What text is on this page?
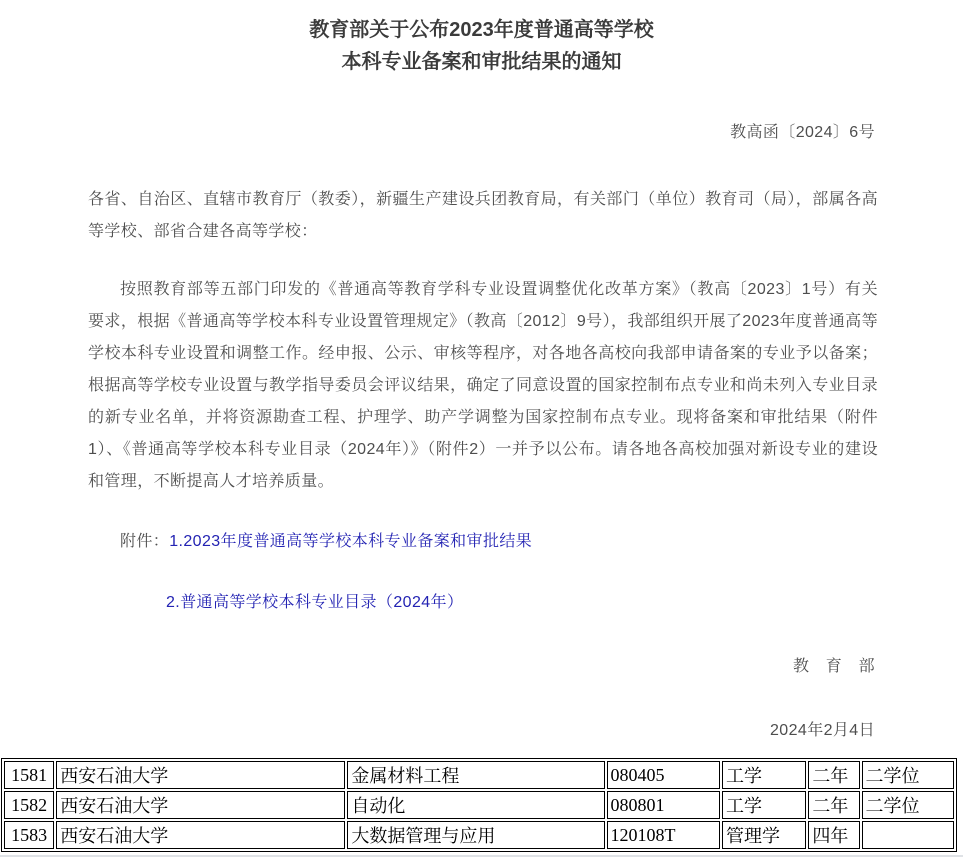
教育部关于公布2023年度普通高等学校
本科专业备案和审批结果的通知
教高函〔2024〕6号
各省、自治区、直辖市教育厅（教委），新疆生产建设兵团教育局，有关部门（单位）教育司（局），部属各高等学校、部省合建各高等学校：
按照教育部等五部门印发的《普通高等教育学科专业设置调整优化改革方案》（教高〔2023〕1号）有关要求，根据《普通高等学校本科专业设置管理规定》（教高〔2012〕9号），我部组织开展了2023年度普通高等学校本科专业设置和调整工作。经申报、公示、审核等程序，对各地各高校向我部申请备案的专业予以备案；根据高等学校专业设置与教学指导委员会评议结果，确定了同意设置的国家控制布点专业和尚未列入专业目录的新专业名单，并将资源勘查工程、护理学、助产学调整为国家控制布点专业。现将备案和审批结果（附件1）、《普通高等学校本科专业目录（2024年）》（附件2）一并予以公布。请各地各高校加强对新设专业的建设和管理，不断提高人才培养质量。
附件：1.2023年度普通高等学校本科专业备案和审批结果
2.普通高等学校本科专业目录（2024年）
教　育　部
2024年2月4日
1581	西安石油大学	金属材料工程	080405	工学	二年	二学位
1582	西安石油大学	自动化	080801	工学	二年	二学位
1583	西安石油大学	大数据管理与应用	120108T	管理学	四年	
